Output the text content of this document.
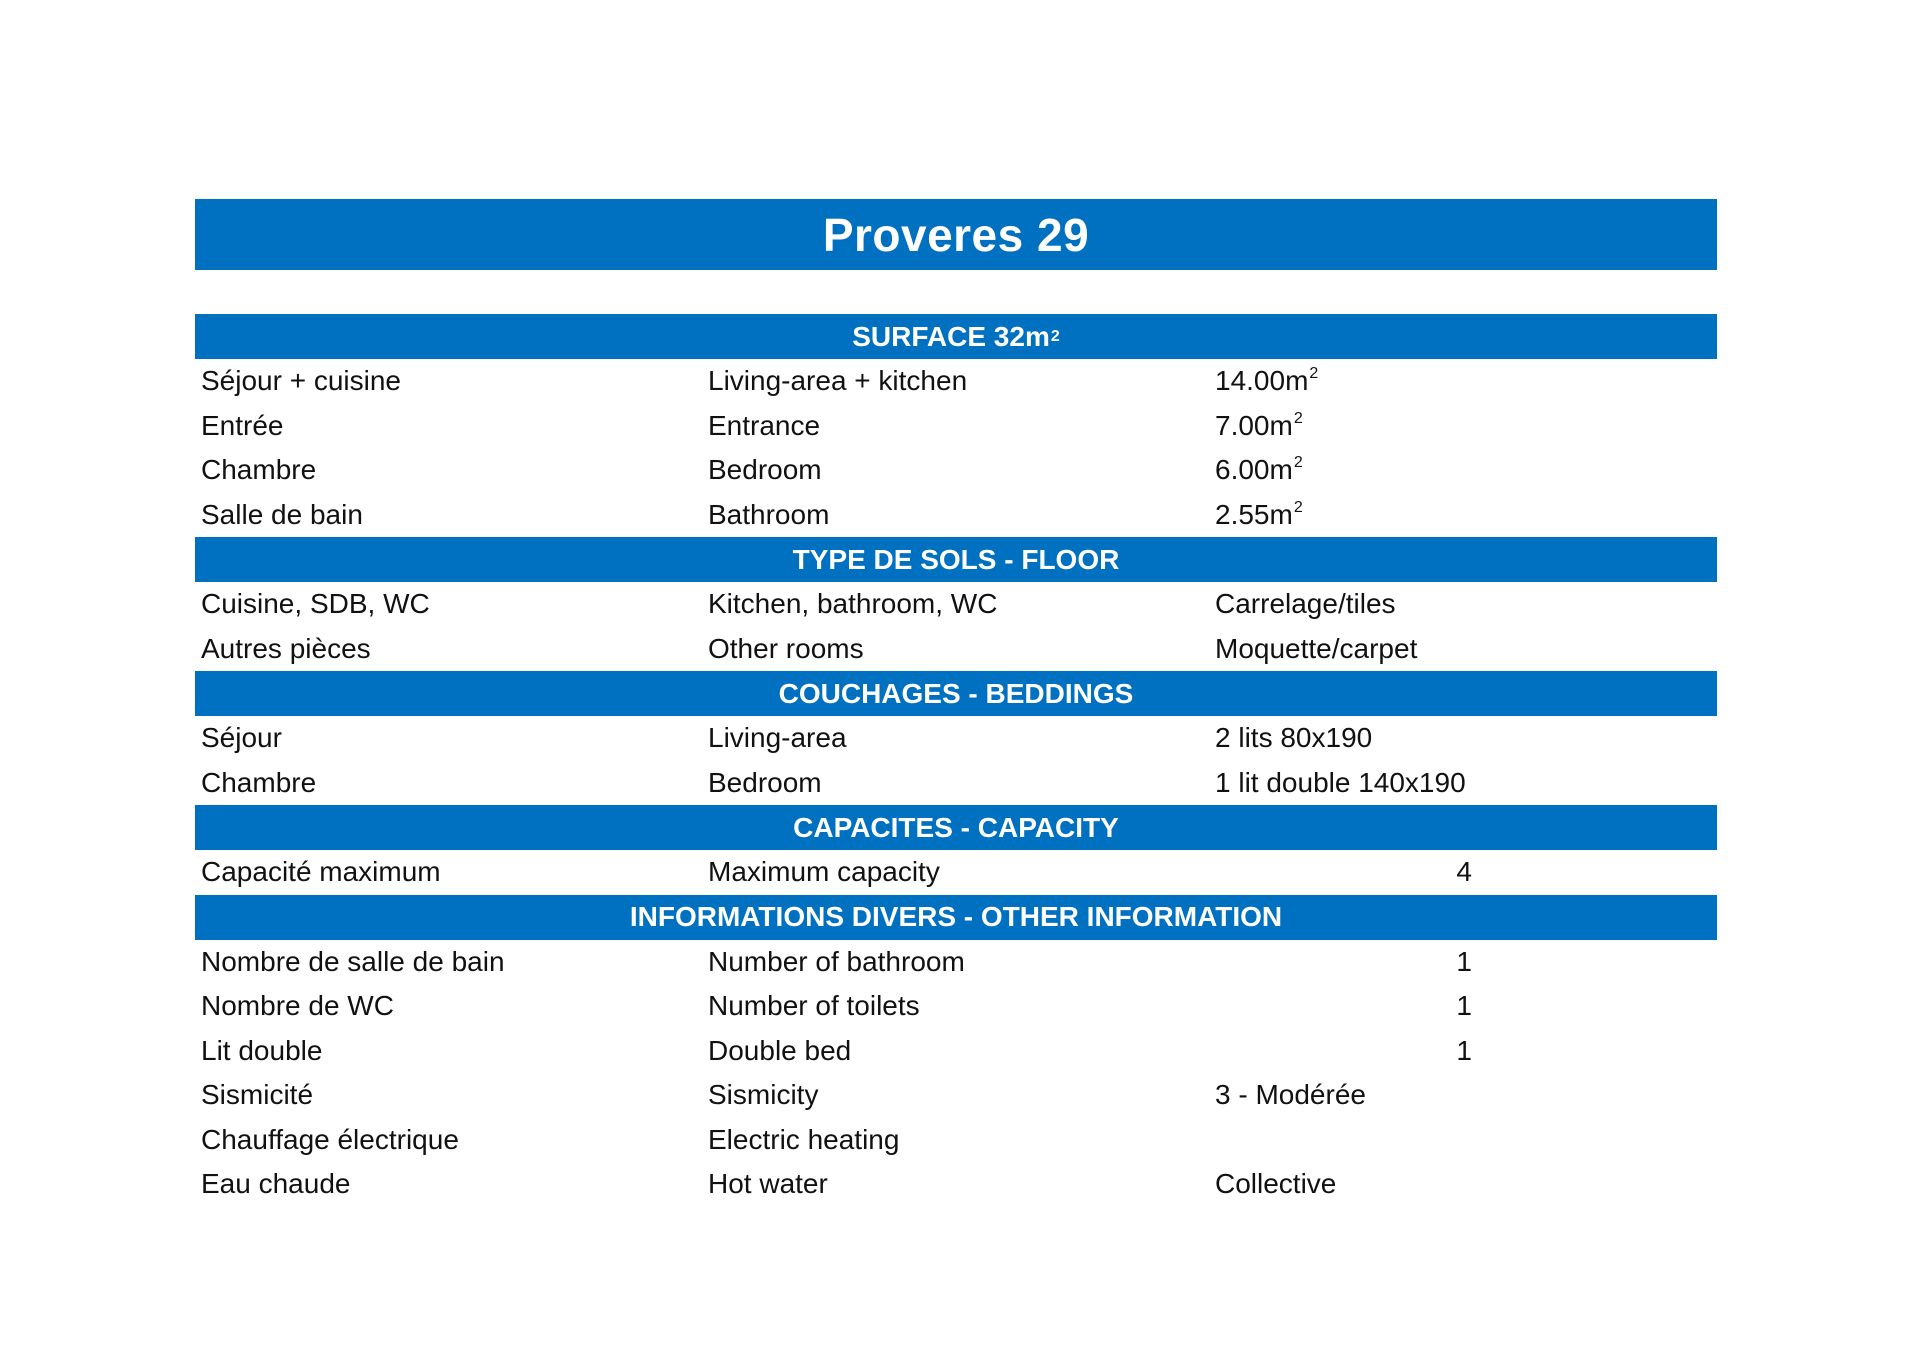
Proveres 29
SURFACE 32m 2
Séjour + cuisine	Living-area + kitchen	$14.00m^2$
Entrée	Entrance	$7.00m^2$
Chambre	Bedroom	$6.00m^2$
Salle de bain	Bathroom	$2.55m^2$
TYPE DE SOLS - FLOOR
Cuisine, SDB, WC	Kitchen, bathroom, WC	Carrelage/tiles
Autres pièces	Other rooms	Moquette/carpet
COUCHAGES - BEDDINGS
Séjour	Living-area	2 lits 80x190
Chambre	Bedroom	1 lit double 140x190
CAPACITES - CAPACITY
Capacité maximum	Maximum capacity	4
INFORMATIONS DIVERS - OTHER INFORMATION
Nombre de salle de bain	Number of bathroom	1
Nombre de WC	Number of toilets	1
Lit double	Double bed	1
Sismicité	Sismicity	3 - Modérée
Chauffage électrique	Electric heating
Eau chaude	Hot water	Collective
